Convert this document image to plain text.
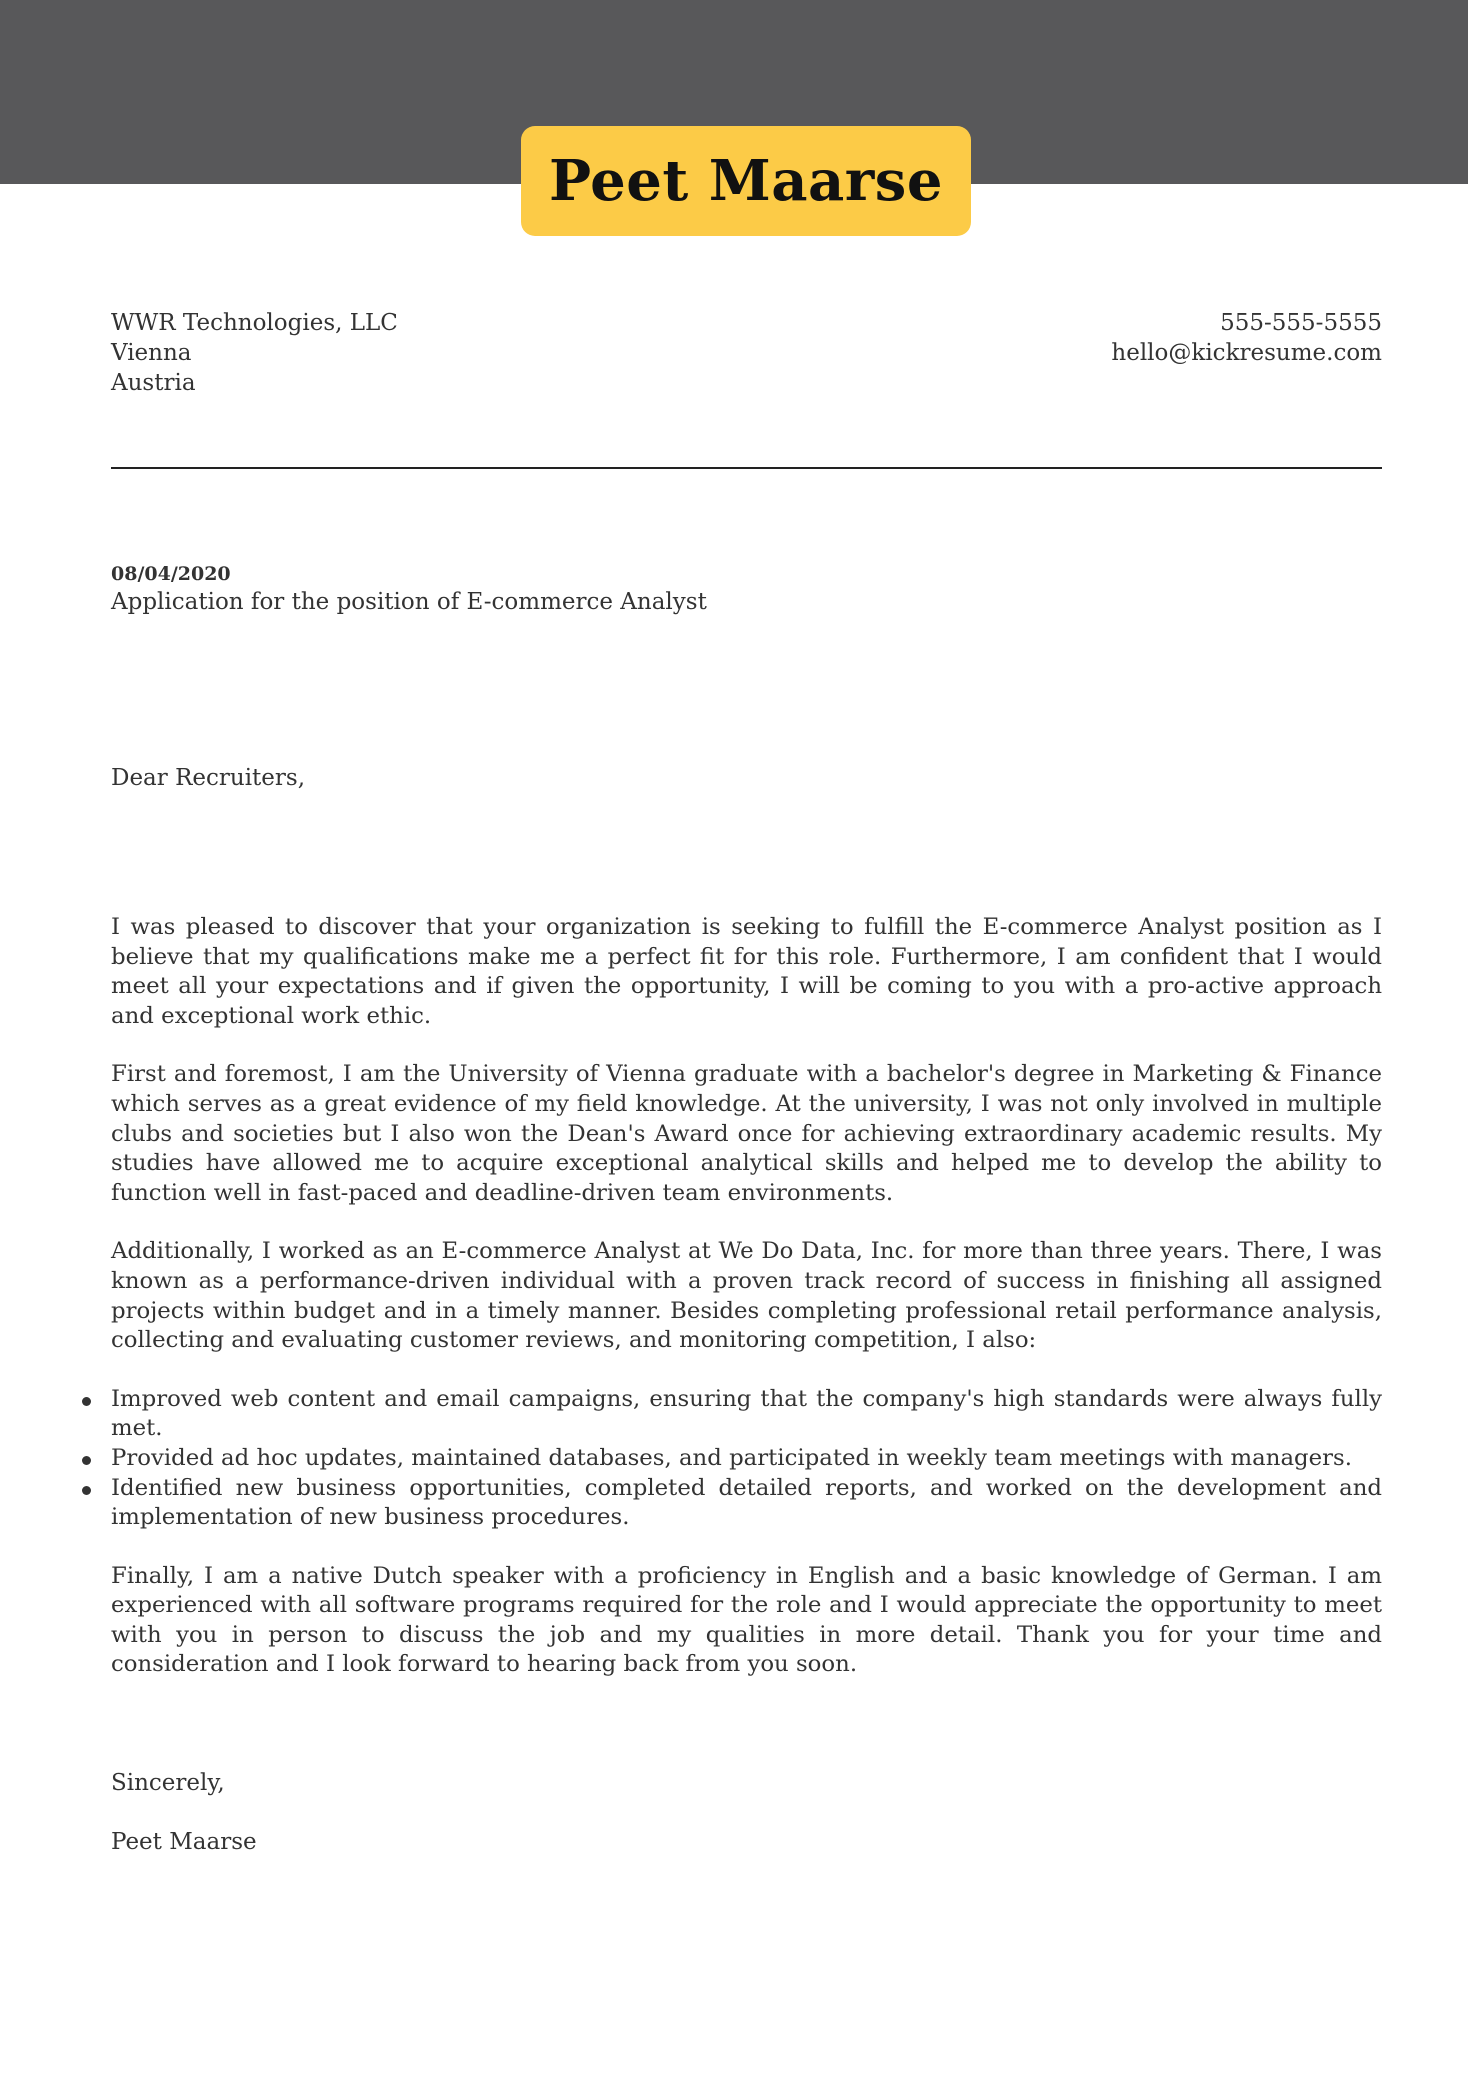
Peet Maarse
WWR Technologies, LLC
Vienna
Austria
555-555-5555
hello@kickresume.com
08/04/2020
Application for the position of E-commerce Analyst
Dear Recruiters,

I was pleased to discover that your organization is seeking to fulfill the E-commerce Analyst position as I believe that my qualifications make me a perfect fit for this role. Furthermore, I am confident that I would meet all your expectations and if given the opportunity, I will be coming to you with a pro-active approach and exceptional work ethic.

First and foremost, I am the University of Vienna graduate with a bachelor's degree in Marketing & Finance which serves as a great evidence of my field knowledge. At the university, I was not only involved in multiple clubs and societies but I also won the Dean's Award once for achieving extraordinary academic results. My studies have allowed me to acquire exceptional analytical skills and helped me to develop the ability to function well in fast-paced and deadline-driven team environments.

Additionally, I worked as an E-commerce Analyst at We Do Data, Inc. for more than three years. There, I was known as a performance-driven individual with a proven track record of success in finishing all assigned projects within budget and in a timely manner. Besides completing professional retail performance analysis, collecting and evaluating customer reviews, and monitoring competition, I also:

Improved web content and email campaigns, ensuring that the company's high standards were always fully met.
Provided ad hoc updates, maintained databases, and participated in weekly team meetings with managers.
Identified new business opportunities, completed detailed reports, and worked on the development and implementation of new business procedures.

Finally, I am a native Dutch speaker with a proficiency in English and a basic knowledge of German. I am experienced with all software programs required for the role and I would appreciate the opportunity to meet with you in person to discuss the job and my qualities in more detail. Thank you for your time and consideration and I look forward to hearing back from you soon.

Sincerely,
Peet Maarse
